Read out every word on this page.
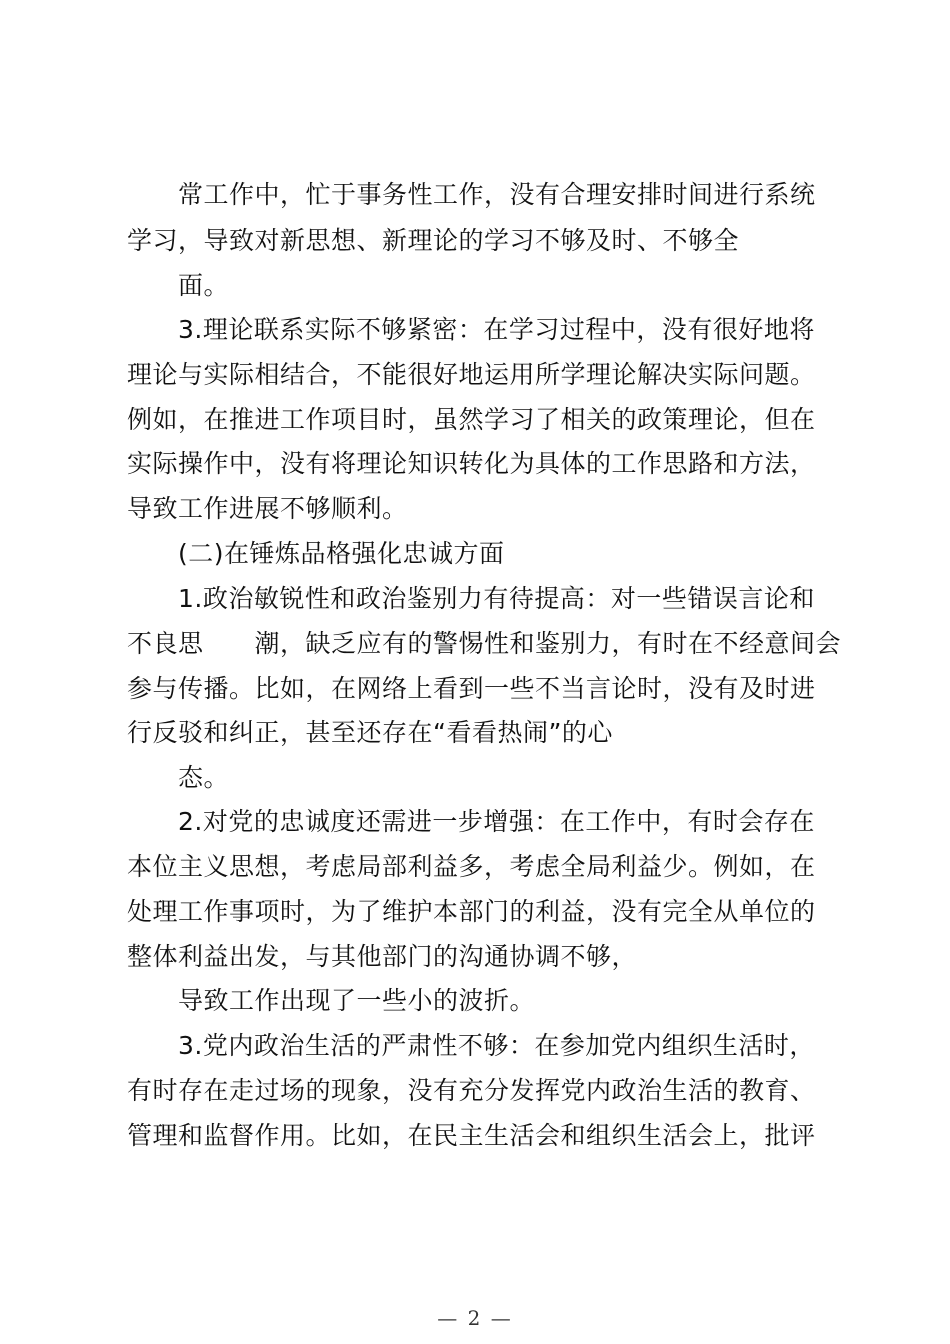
常工作中，忙于事务性工作，没有合理安排时间进行系统
学习，导致对新思想、新理论的学习不够及时、不够全
面。
3.理论联系实际不够紧密：在学习过程中，没有很好地将
理论与实际相结合，不能很好地运用所学理论解决实际问题。
例如，在推进工作项目时，虽然学习了相关的政策理论，但在
实际操作中，没有将理论知识转化为具体的工作思路和方法，
导致工作进展不够顺利。
(二)在锤炼品格强化忠诚方面
1.政治敏锐性和政治鉴别力有待提高：对一些错误言论和
不良思　　潮，缺乏应有的警惕性和鉴别力，有时在不经意间会
参与传播。比如，在网络上看到一些不当言论时，没有及时进
行反驳和纠正，甚至还存在“看看热闹”的心
态。
2.对党的忠诚度还需进一步增强：在工作中，有时会存在
本位主义思想，考虑局部利益多，考虑全局利益少。例如，在
处理工作事项时，为了维护本部门的利益，没有完全从单位的
整体利益出发，与其他部门的沟通协调不够，
导致工作出现了一些小的波折。
3.党内政治生活的严肃性不够：在参加党内组织生活时，
有时存在走过场的现象，没有充分发挥党内政治生活的教育、
管理和监督作用。比如，在民主生活会和组织生活会上，批评
— 2 —
